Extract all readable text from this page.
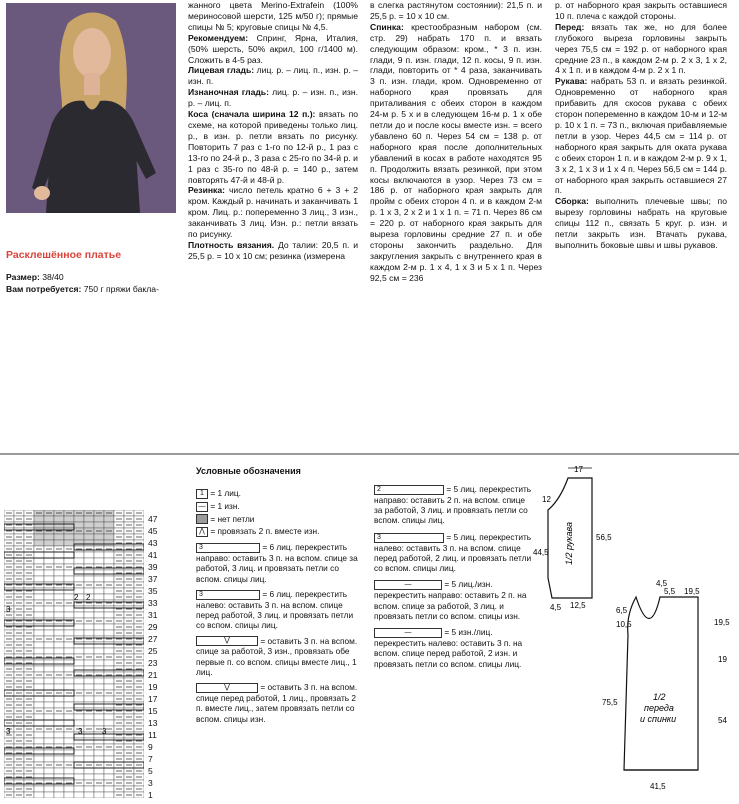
Расклешённое платье
Размер: 38/40
Вам потребуется: 750 г пряжи бакла-

жанного цвета Merino-Extrafein (100% мериносовой шерсти, 125 м/50 г); прямые спицы № 5; круговые спицы № 4,5.

Рекомендуем: Спринг, Ярна, Италия, (50% шерсть, 50% акрил, 100 г/1400 м). Сложить в 4-5 раз.

Лицевая гладь: лиц. р. – лиц. п., изн. р. – изн. п.

Изнаночная гладь: лиц. р. – изн. п., изн. р. – лиц. п.

Коса (сначала ширина 12 п.): вязать по схеме, на которой приведены только лиц. р., в изн. р. петли вязать по рисунку. Повторить 7 раз с 1-го по 12-й р., 1 раз с 13-го по 24-й р., 3 раза с 25-го по 34-й р. и 1 раз с 35-го по 48-й р. = 140 р., затем повторять 47-й и 48-й р.

Резинка: число петель кратно 6 + 3 + 2 кром. Каждый р. начинать и заканчивать 1 кром. Лиц. р.: попеременно 3 лиц., 3 изн., заканчивать 3 лиц. Изн. р.: петли вязать по рисунку.

Плотность вязания. До талии: 20,5 п. и 25,5 р. = 10 x 10 см; резинка (измерена

в слегка растянутом состоянии): 21,5 п. и 25,5 р. = 10 x 10 см.

Спинка: крестообразным набором (см. стр. 29) набрать 170 п. и вязать следующим образом: кром., * 3 п. изн. глади, 9 п. изн. глади, 12 п. косы, 9 п. изн. глади, повторить от * 4 раза, заканчивать 3 п. изн. глади, кром. Одновременно от наборного края провязать для приталивания с обеих сторон в каждом 24-м р. 5 x и в следующем 16-м р. 1 x обе петли до и после косы вместе изн. = всего убавлено 60 п. Через 54 см = 138 р. от наборного края после дополнительных убавлений в косах в работе находятся 95 п. Продолжить вязать резинкой, при этом косы включаются в узор. Через 73 см = 186 р. от наборного края закрыть для пройм с обеих сторон 4 п. и в каждом 2-м р. 1 x 3, 2 x 2 и 1 x 1 п. = 71 п. Через 86 см = 220 р. от наборного края закрыть для выреза горловины средние 27 п. и обе стороны закончить раздельно. Для закругления закрыть с внутреннего края в каждом 2-м р. 1 x 4, 1 x 3 и 5 x 1 п. Через 92,5 см = 236

р. от наборного края закрыть оставшиеся 10 п. плеча с каждой стороны.

Перед: вязать так же, но для более глубокого выреза горловины закрыть через 75,5 см = 192 р. от наборного края средние 23 п., в каждом 2-м р. 2 x 3, 1 x 2, 4 x 1 п. и в каждом 4-м р. 2 x 1 п.

Рукава: набрать 53 п. и вязать резинкой. Одновременно от наборного края прибавить для скосов рукава с обеих сторон попеременно в каждом 10-м и 12-м р. 10 x 1 п. = 73 п., включая прибавляемые петли в узор. Через 44,5 см = 114 р. от наборного края закрыть для оката рукава с обеих сторон 1 п. и в каждом 2-м р. 9 x 1, 3 x 2, 1 x 3 и 1 x 4 п. Через 56,5 см = 144 р. от наборного края закрыть оставшиеся 27 п.

Сборка: выполнить плечевые швы; по вырезу горловины набрать на круговые спицы 112 п., связать 5 круг. р. изн. и петли закрыть изн. Втачать рукава, выполнить боковые швы и швы рукавов.

3
2 2
3	3 3
47
45
43
41
39
37
35
33
31
29
27
25
23
21
19
17
15
13
11
9
7
5
3
1
Условные обозначения
1 = 1 лиц.
— = 1 изн.
= нет петли
⋀ = провязать 2 п. вместе изн.
3	= 6 лиц. перекрестить направо: оставить 3 п. на вспом. спице за работой, 3 лиц. и провязать петли со вспом. спицы лиц.
3	= 6 лиц. перекрестить налево: оставить 3 п. на вспом. спице перед работой, 3 лиц. и провязать петли со вспом. спицы лиц.
⋁	= оставить 3 п. на вспом. спице за работой, 3 изн., провязать обе первые п. со вспом. спицы вместе лиц., 1 лиц.
⋁	= оставить 3 п. на вспом. спице перед работой, 1 лиц., провязать 2 п. вместе лиц., затем провязать петли со вспом. спицы изн.
2	= 5 лиц. перекрестить направо: оставить 2 п. на вспом. спице за работой, 3 лиц. и провязать петли со вспом. спицы лиц.
3	= 5 лиц. перекрестить налево: оставить 3 п. на вспом. спице перед работой, 2 лиц. и провязать петли со вспом. спицы лиц.
—	= 5 лиц./изн. перекрестить направо: оставить 2 п. на вспом. спице за работой, 3 лиц. и провязать петли со вспом. спицы изн.
—	= 5 изн./лиц. перекрестить налево: оставить 3 п. на вспом. спице перед работой, 2 изн. и провязать петли со вспом. спицы лиц.
1/2 рукава
17
12
44,5
56,5
4,5 12,5
1/2
переда
и спинки
4,5
5,5 19,5
6,5
10,5	19,5
19
75,5
54
41,5
